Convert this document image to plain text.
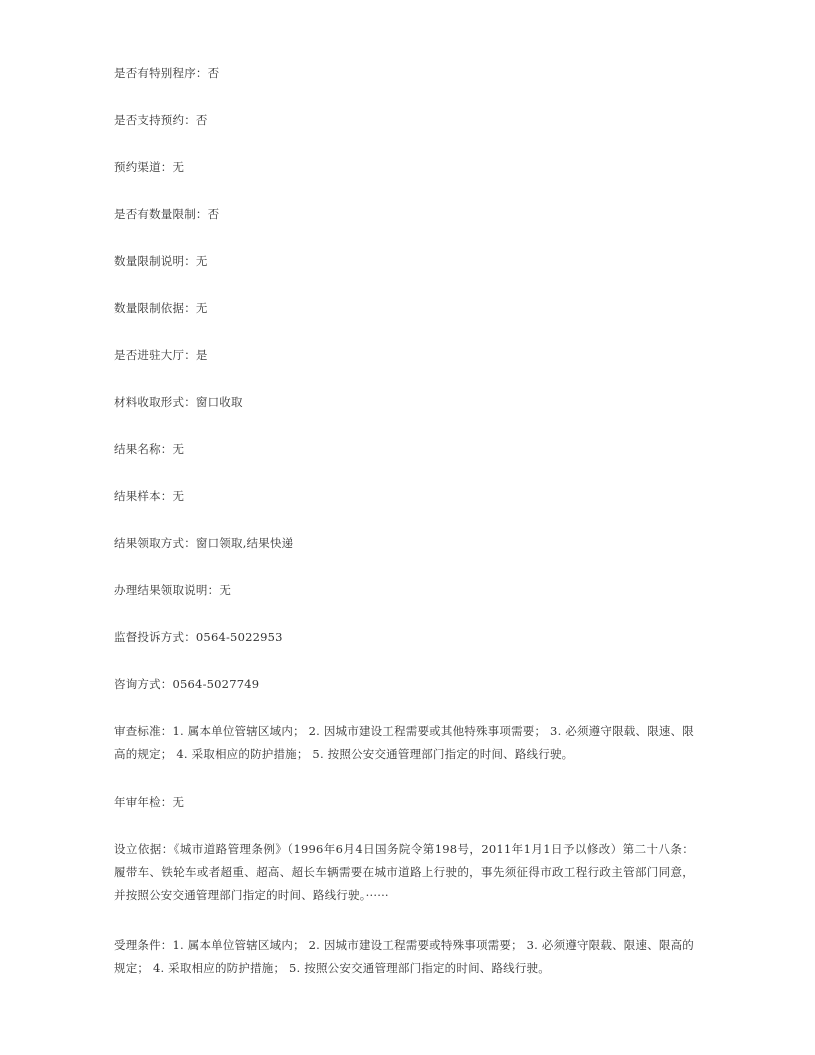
是否有特别程序：否
是否支持预约：否
预约渠道：无
是否有数量限制：否
数量限制说明：无
数量限制依据：无
是否进驻大厅：是
材料收取形式：窗口收取
结果名称：无
结果样本：无
结果领取方式：窗口领取,结果快递
办理结果领取说明：无
监督投诉方式：0564-5022953
咨询方式：0564-5027749
审查标准：1. 属本单位管辖区域内； 2. 因城市建设工程需要或其他特殊事项需要； 3. 必须遵守限载、限速、限高的规定； 4. 采取相应的防护措施； 5. 按照公安交通管理部门指定的时间、路线行驶。
年审年检：无
设立依据：《城市道路管理条例》（1996年6月4日国务院令第198号，2011年1月1日予以修改）第二十八条：履带车、铁轮车或者超重、超高、超长车辆需要在城市道路上行驶的，事先须征得市政工程行政主管部门同意，并按照公安交通管理部门指定的时间、路线行驶。······
受理条件：1. 属本单位管辖区域内； 2. 因城市建设工程需要或特殊事项需要； 3. 必须遵守限载、限速、限高的规定； 4. 采取相应的防护措施； 5. 按照公安交通管理部门指定的时间、路线行驶。
